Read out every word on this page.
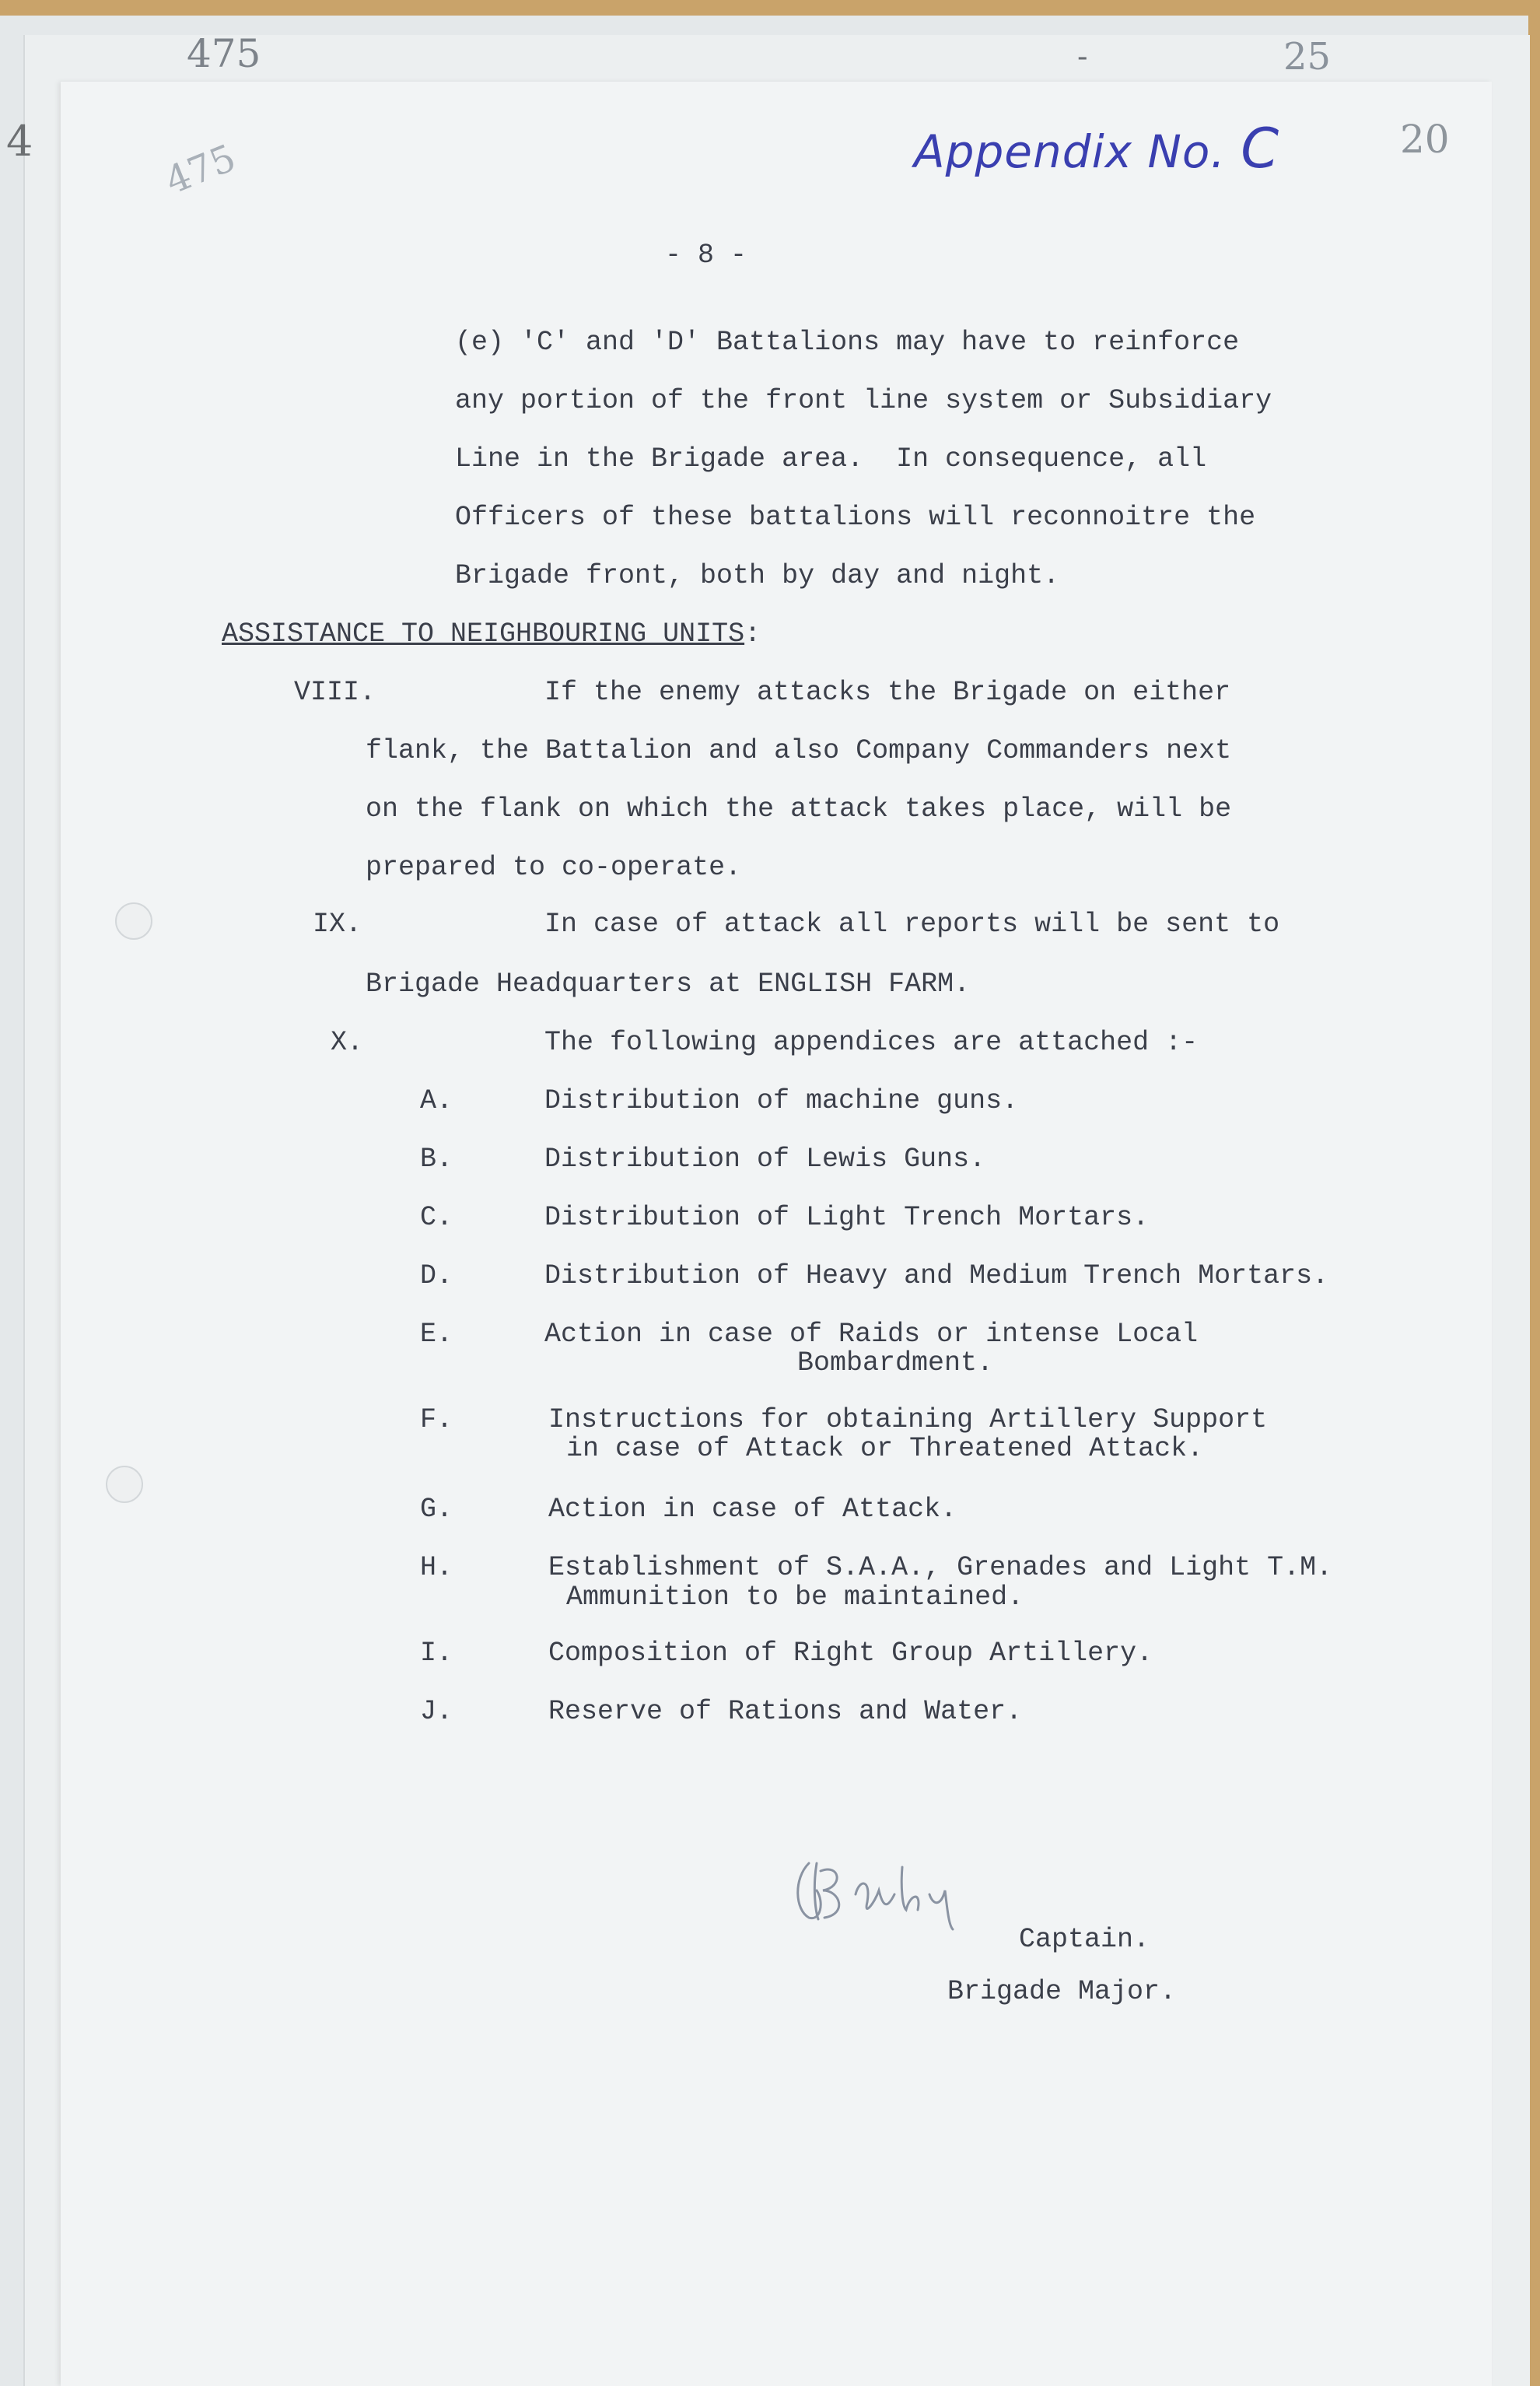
4
475	-	25
475	20
Appendix No. C
- 8 -
(e) 'C' and 'D' Battalions may have to reinforce
any portion of the front line system or Subsidiary
Line in the Brigade area.  In consequence, all
Officers of these battalions will reconnoitre the
Brigade front, both by day and night.
ASSISTANCE TO NEIGHBOURING UNITS:
VIII.	If the enemy attacks the Brigade on either
flank, the Battalion and also Company Commanders next
on the flank on which the attack takes place, will be
prepared to co-operate.
IX.	In case of attack all reports will be sent to
Brigade Headquarters at ENGLISH FARM.
X.	The following appendices are attached :-
A.	Distribution of machine guns.
B.	Distribution of Lewis Guns.
C.	Distribution of Light Trench Mortars.
D.	Distribution of Heavy and Medium Trench Mortars.
E.	Action in case of Raids or intense Local
Bombardment.
F.	Instructions for obtaining Artillery Support
in case of Attack or Threatened Attack.
G.	Action in case of Attack.
H.	Establishment of S.A.A., Grenades and Light T.M.
Ammunition to be maintained.
I.	Composition of Right Group Artillery.
J.	Reserve of Rations and Water.
Captain.
Brigade Major.
